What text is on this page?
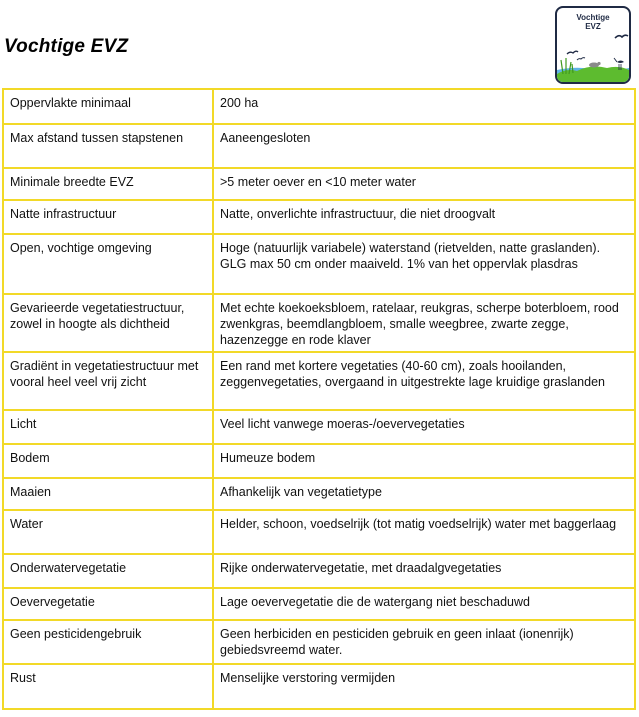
Vochtige EVZ
Vochtige
EVZ
Oppervlakte minimaal	200 ha
Max afstand tussen stapstenen	Aaneengesloten
Minimale breedte EVZ	>5 meter oever en <10 meter water
Natte infrastructuur	Natte, onverlichte infrastructuur, die niet droogvalt
Open, vochtige omgeving	Hoge (natuurlijk variabele) waterstand (rietvelden, natte graslanden). GLG max 50 cm onder maaiveld. 1% van het oppervlak plasdras
Gevarieerde vegetatiestructuur, zowel in hoogte als dichtheid	Met echte koekoeksbloem, ratelaar, reukgras, scherpe boterbloem, rood zwenkgras, beemdlangbloem, smalle weegbree, zwarte zegge, hazenzegge en rode klaver
Gradiënt in vegetatiestructuur met vooral heel veel vrij zicht	Een rand met kortere vegetaties (40-60 cm), zoals hooilanden, zeggenvegetaties, overgaand in uitgestrekte lage kruidige graslanden
Licht	Veel licht vanwege moeras-/oevervegetaties
Bodem	Humeuze bodem
Maaien	Afhankelijk van vegetatietype
Water	Helder, schoon, voedselrijk (tot matig voedselrijk) water met baggerlaag
Onderwatervegetatie	Rijke onderwatervegetatie, met draadalgvegetaties
Oevervegetatie	Lage oevervegetatie die de watergang niet beschaduwd
Geen pesticidengebruik	Geen herbiciden en pesticiden gebruik en geen inlaat (ionenrijk) gebiedsvreemd water.
Rust	Menselijke verstoring vermijden
